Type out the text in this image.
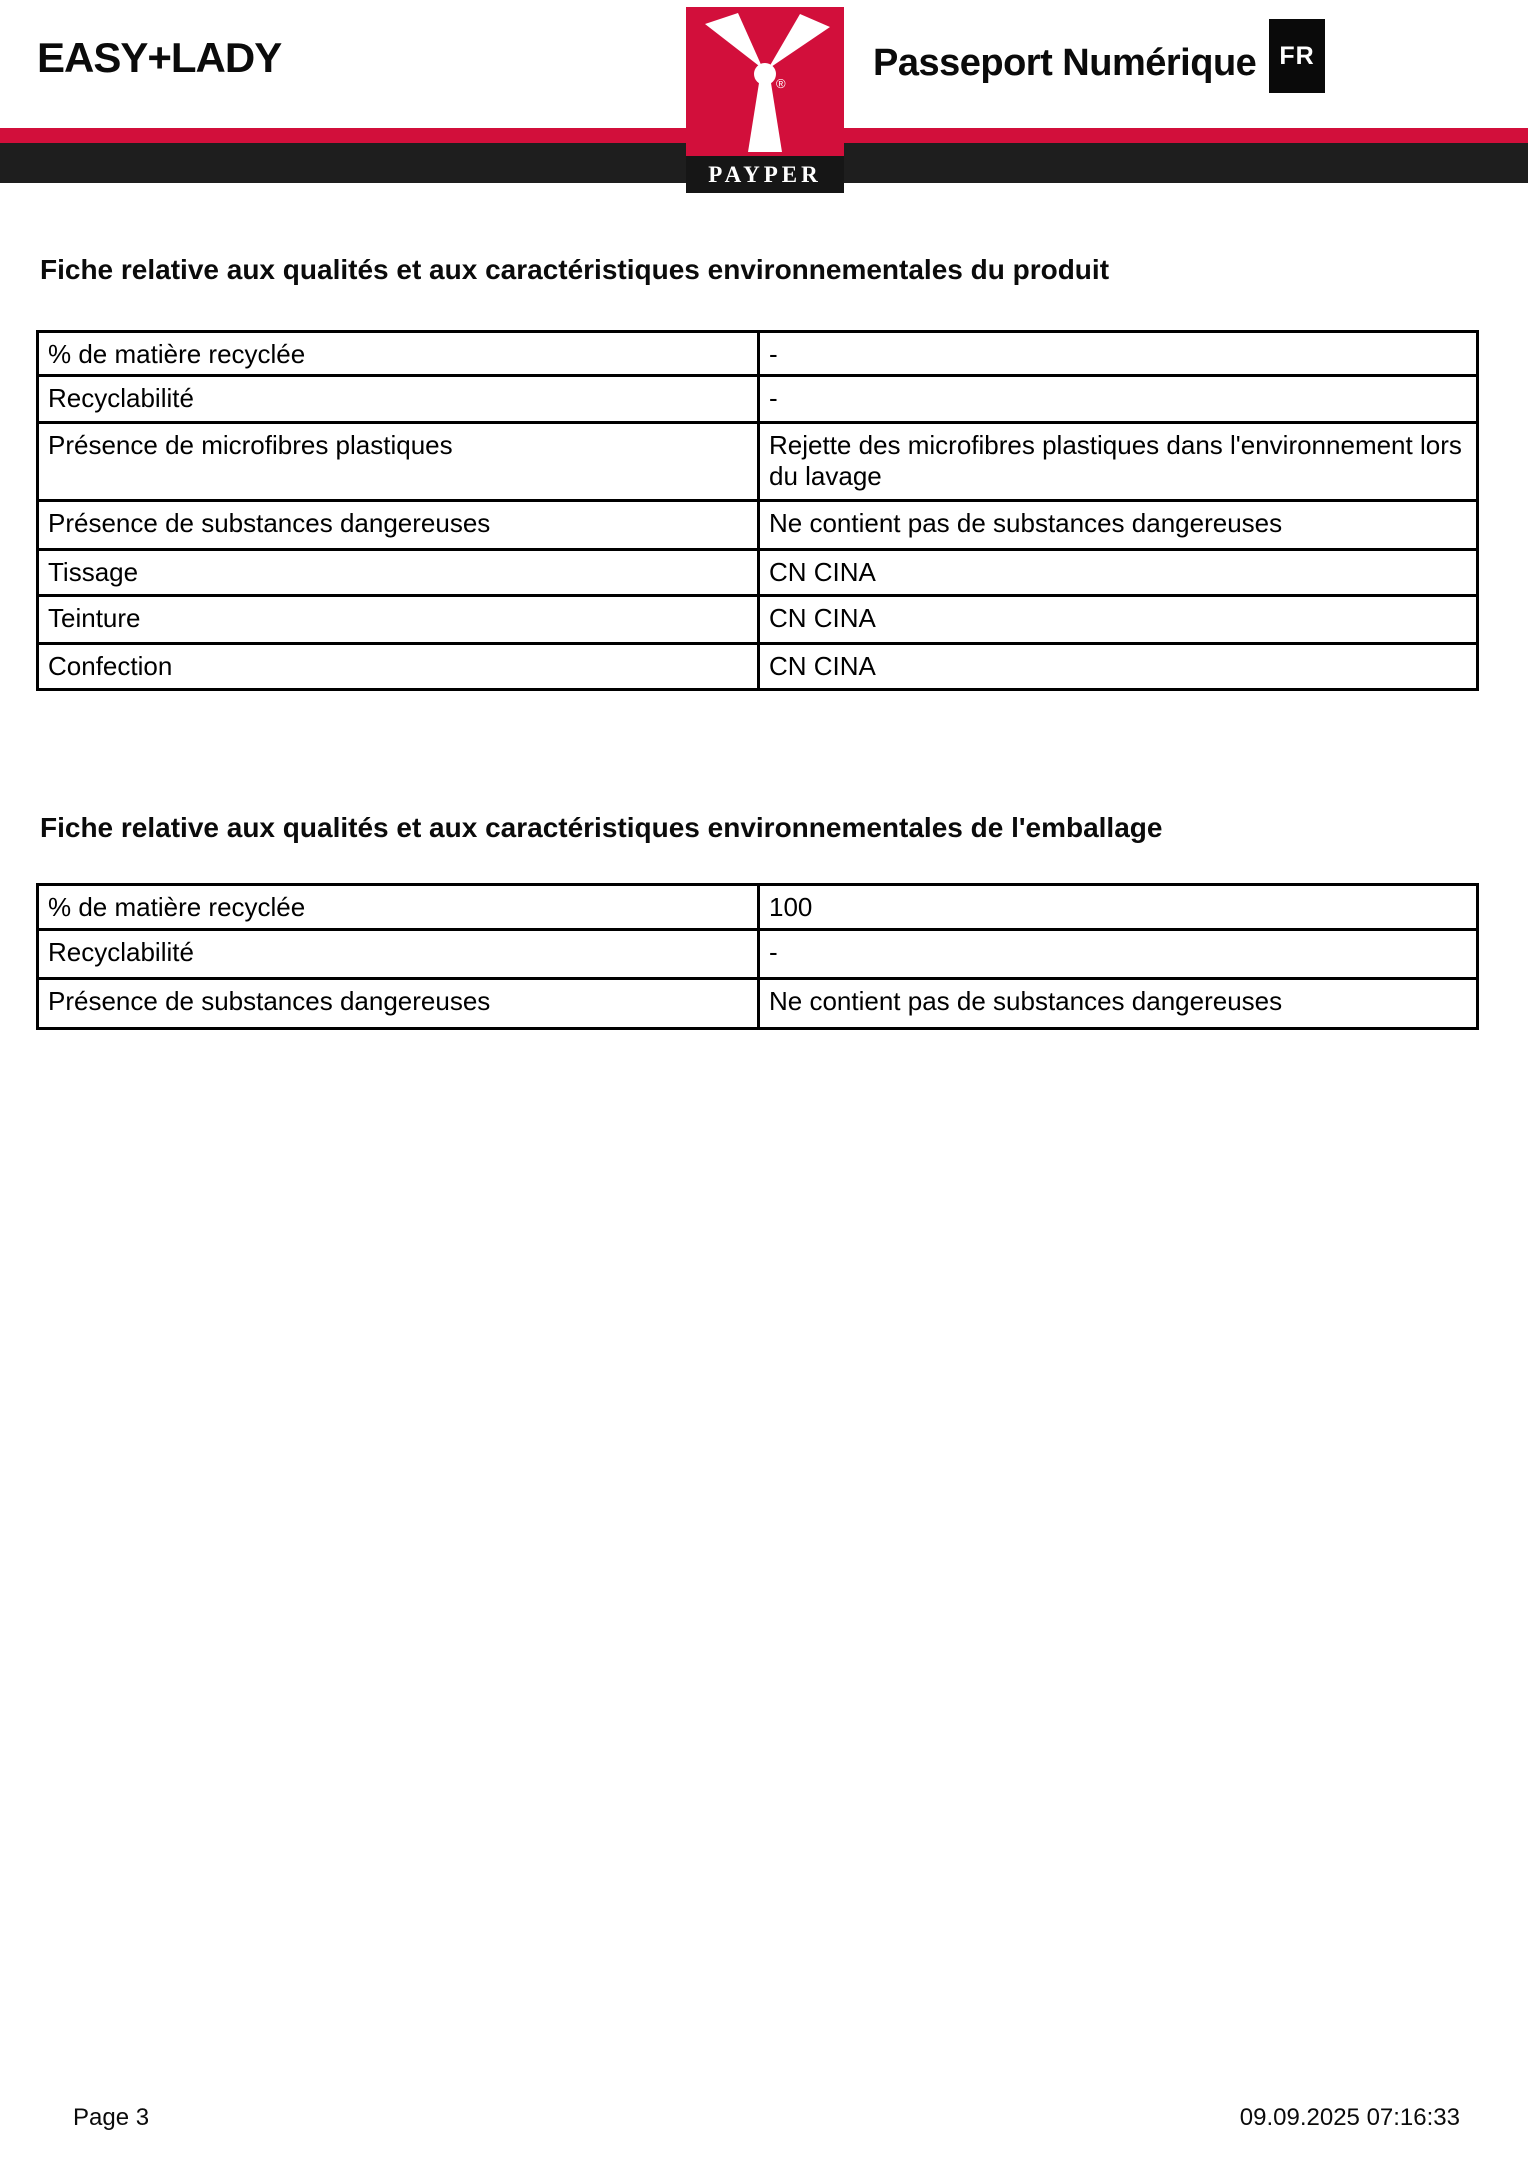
EASY+LADY	Passeport Numérique FR
®
PAYPER
Fiche relative aux qualités et aux caractéristiques environnementales du produit
% de matière recyclée	-
Recyclabilité	-
Présence de microfibres plastiques	Rejette des microfibres plastiques dans l'environnement lors du lavage
Présence de substances dangereuses	Ne contient pas de substances dangereuses
Tissage	CN CINA
Teinture	CN CINA
Confection	CN CINA
Fiche relative aux qualités et aux caractéristiques environnementales de l'emballage
% de matière recyclée	100
Recyclabilité	-
Présence de substances dangereuses	Ne contient pas de substances dangereuses
Page 3	09.09.2025 07:16:33
